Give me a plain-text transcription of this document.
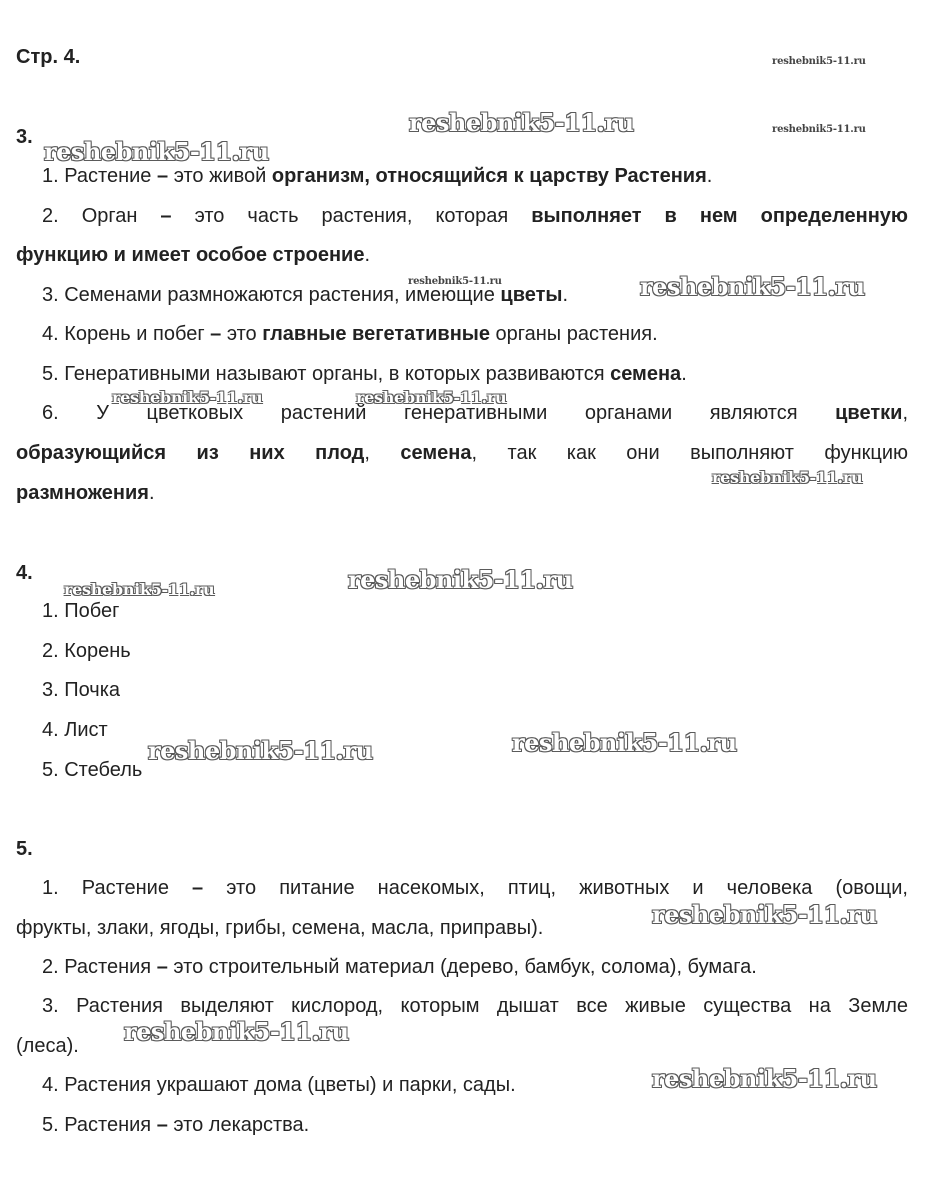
Стр. 4.
3.

1. Растение – это живой организм, относящийся к царству Растения.

2. Орган – это часть растения, которая выполняет в нем определенную

функцию и имеет особое строение.

3. Семенами размножаются растения, имеющие цветы.

4. Корень и побег – это главные вегетативные органы растения.

5. Генеративными называют органы, в которых развиваются семена.

6. У цветковых растений генеративными органами являются цветки,

образующийся из них плод, семена, так как они выполняют функцию

размножения.

4.

1. Побег

2. Корень

3. Почка

4. Лист

5. Стебель

5.

1. Растение – это питание насекомых, птиц, животных и человека (овощи,

фрукты, злаки, ягоды, грибы, семена, масла, приправы).

2. Растения – это строительный материал (дерево, бамбук, солома), бумага.

3. Растения выделяют кислород, которым дышат все живые существа на Земле

(леса).

4. Растения украшают дома (цветы) и парки, сады.

5. Растения – это лекарства.

reshebnik5-11.ru
reshebnik5-11.ru	reshebnik5-11.ru
reshebnik5-11.ru
reshebnik5-11.ru	reshebnik5-11.ru
reshebnik5-11.ru	reshebnik5-11.ru
reshebnik5-11.ru
reshebnik5-11.ru
reshebnik5-11.ru
reshebnik5-11.ru
reshebnik5-11.ru
reshebnik5-11.ru
reshebnik5-11.ru
reshebnik5-11.ru
